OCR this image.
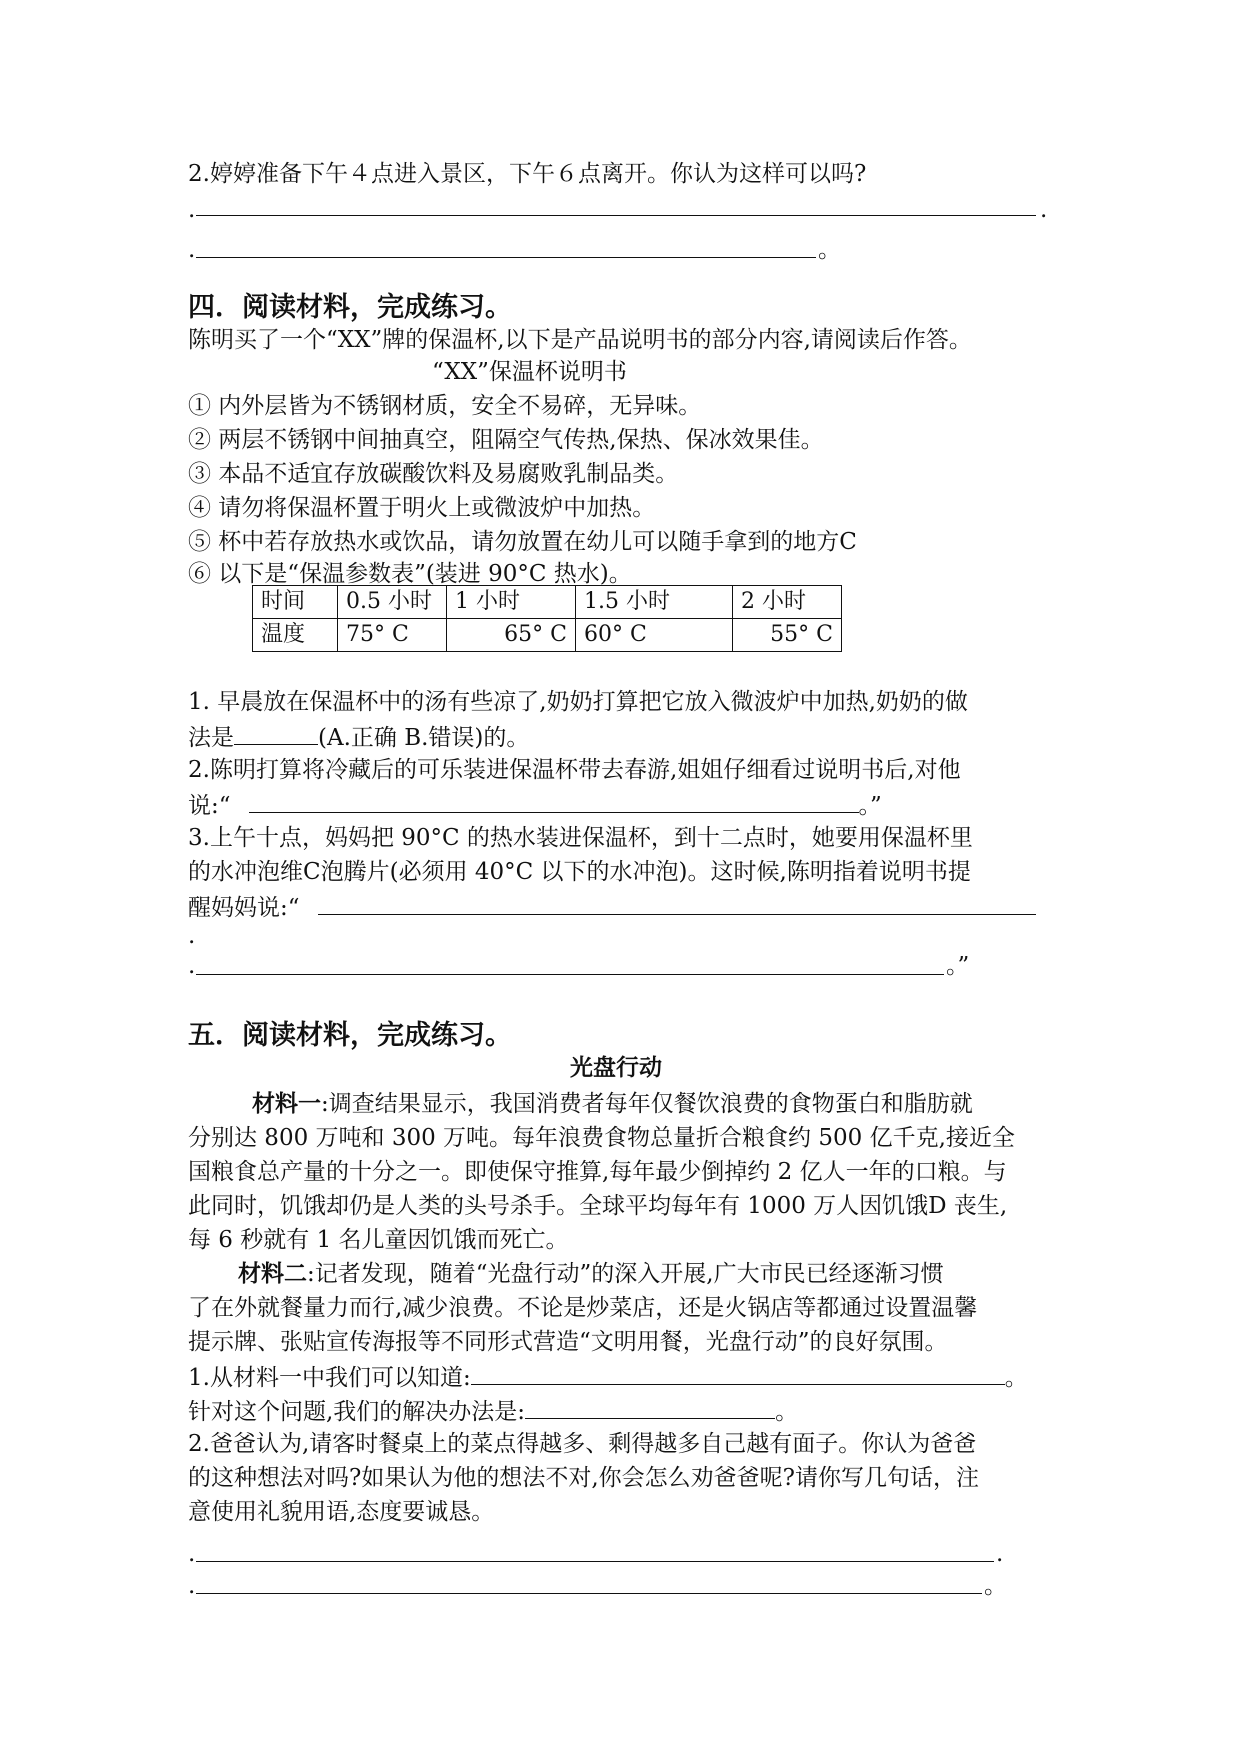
2.婷婷准备下午４点进入景区，下午６点离开。你认为这样可以吗?
.	.
.	。
四．阅读材料，完成练习。
陈明买了一个“XX”牌的保温杯,以下是产品说明书的部分内容,请阅读后作答。
“XX”保温杯说明书
① 内外层皆为不锈钢材质，安全不易碎，无异味。
② 两层不锈钢中间抽真空，阻隔空气传热,保热、保冰效果佳。
③ 本品不适宜存放碳酸饮料及易腐败乳制品类。
④ 请勿将保温杯置于明火上或微波炉中加热。
⑤ 杯中若存放热水或饮品，请勿放置在幼儿可以随手拿到的地方C
⑥ 以下是“保温参数表”(装进 90°C 热水)。
时间	0.5 小时	1 小时	1.5 小时	2 小时
温度	75° C	65° C	60° C	55° C
1. 早晨放在保温杯中的汤有些凉了,奶奶打算把它放入微波炉中加热,奶奶的做
法是	(A.正确 B.错误)的。
2.陈明打算将冷藏后的可乐装进保温杯带去春游,姐姐仔细看过说明书后,对他
说:“	。”
3.上午十点，妈妈把 90°C 的热水装进保温杯，到十二点时，她要用保温杯里
的水冲泡维C泡腾片(必须用 40°C 以下的水冲泡)。这时候,陈明指着说明书提
醒妈妈说:“
.
.	。”
五．阅读材料，完成练习。
光盘行动
材料一:调查结果显示，我国消费者每年仅餐饮浪费的食物蛋白和脂肪就
分别达 800 万吨和 300 万吨。每年浪费食物总量折合粮食约 500 亿千克,接近全
国粮食总产量的十分之一。即使保守推算,每年最少倒掉约 2 亿人一年的口粮。与
此同时，饥饿却仍是人类的头号杀手。全球平均每年有 1000 万人因饥饿D 丧生,
每 6 秒就有 1 名儿童因饥饿而死亡。
材料二:记者发现，随着“光盘行动”的深入开展,广大市民已经逐渐习惯
了在外就餐量力而行,减少浪费。不论是炒菜店，还是火锅店等都通过设置温馨
提示牌、张贴宣传海报等不同形式营造“文明用餐，光盘行动”的良好氛围。
1.从材料一中我们可以知道:	。
针对这个问题,我们的解决办法是:	。
2.爸爸认为,请客时餐桌上的菜点得越多、剩得越多自己越有面子。你认为爸爸
的这种想法对吗?如果认为他的想法不对,你会怎么劝爸爸呢?请你写几句话，注
意使用礼貌用语,态度要诚恳。
.	.
.	。
